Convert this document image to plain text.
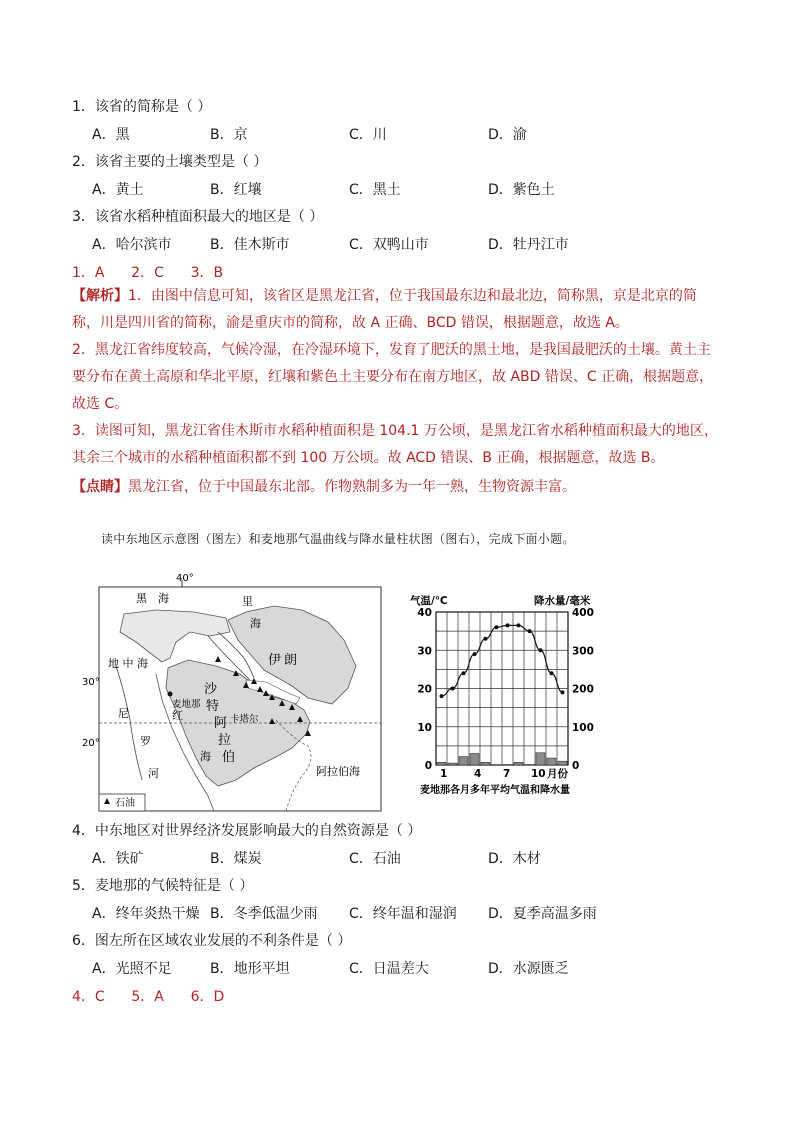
1．该省的简称是（ ）
A．黑	B．京	C．川	D．渝
2．该省主要的土壤类型是（ ）
A．黄土	B．红壤	C．黑土	D．紫色土
3．该省水稻种植面积最大的地区是（ ）
A．哈尔滨市	B．佳木斯市	C．双鸭山市	D．牡丹江市
1．A      2．C      3．B
【解析】1．由图中信息可知，该省区是黑龙江省，位于我国最东边和最北边，简称黑，京是北京的简称，川是四川省的简称，渝是重庆市的简称，故 A 正确、BCD 错误，根据题意，故选 A。
2．黑龙江省纬度较高，气候冷湿，在冷湿环境下，发育了肥沃的黑土地，是我国最肥沃的土壤。黄土主要分布在黄土高原和华北平原，红壤和紫色土主要分布在南方地区，故 ABD 错误、C 正确，根据题意，故选 C。
3．读图可知，黑龙江省佳木斯市水稻种植面积是 104.1 万公顷，是黑龙江省水稻种植面积最大的地区，其余三个城市的水稻种植面积都不到 100 万公顷。故 ACD 错误、B 正确，根据题意，故选 B。
【点睛】黑龙江省，位于中国最东北部。作物熟制多为一年一熟，生物资源丰富。
读中东地区示意图（图左）和麦地那气温曲线与降水量柱状图（图右），完成下面小题。
石油
40°
30°
20°
黑 海	里
海
地 中 海	伊 朗
沙
特
阿
拉
伯
麦地那
卡塔尔
尼
罗
河
红
海
阿拉伯海
气温/℃	降水量/毫米
0
10
20
30
40
0
100
200
300
400
1	4 7 10 月份
麦地那各月多年平均气温和降水量
4．中东地区对世界经济发展影响最大的自然资源是（ ）
A．铁矿	B．煤炭	C．石油	D．木材
5．麦地那的气候特征是（ ）
A．终年炎热干燥 B．冬季低温少雨 C．终年温和湿润 D．夏季高温多雨
6．图左所在区域农业发展的不利条件是（ ）
A．光照不足	B．地形平坦	C．日温差大	D．水源匮乏
4．C      5．A      6．D
